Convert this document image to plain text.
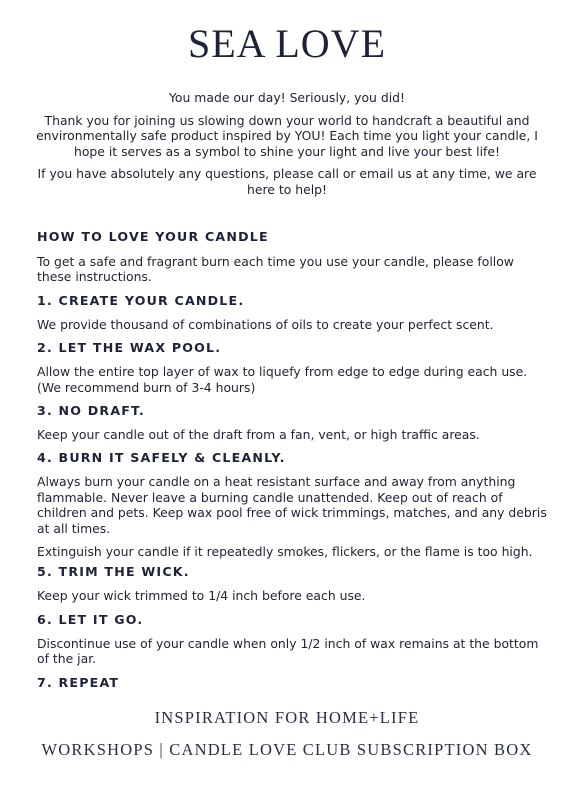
SEA LOVE

You made our day! Seriously, you did!

Thank you for joining us slowing down your world to handcraft a beautiful and environmentally safe product inspired by YOU! Each time you light your candle, I hope it serves as a symbol to shine your light and live your best life!

If you have absolutely any questions, please call or email us at any time, we are here to help!

HOW TO LOVE YOUR CANDLE

To get a safe and fragrant burn each time you use your candle, please follow these instructions.

1. CREATE YOUR CANDLE.

We provide thousand of combinations of oils to create your perfect scent.

2. LET THE WAX POOL.

Allow the entire top layer of wax to liquefy from edge to edge during each use. (We recommend burn of 3-4 hours)

3. NO DRAFT.

Keep your candle out of the draft from a fan, vent, or high traffic areas.

4. BURN IT SAFELY & CLEANLY.

Always burn your candle on a heat resistant surface and away from anything flammable. Never leave a burning candle unattended. Keep out of reach of children and pets. Keep wax pool free of wick trimmings, matches, and any debris at all times.

Extinguish your candle if it repeatedly smokes, flickers, or the flame is too high.

5. TRIM THE WICK.

Keep your wick trimmed to 1/4 inch before each use.

6. LET IT GO.

Discontinue use of your candle when only 1/2 inch of wax remains at the bottom of the jar.

7. REPEAT
INSPIRATION FOR HOME+LIFE
WORKSHOPS | CANDLE LOVE CLUB SUBSCRIPTION BOX
